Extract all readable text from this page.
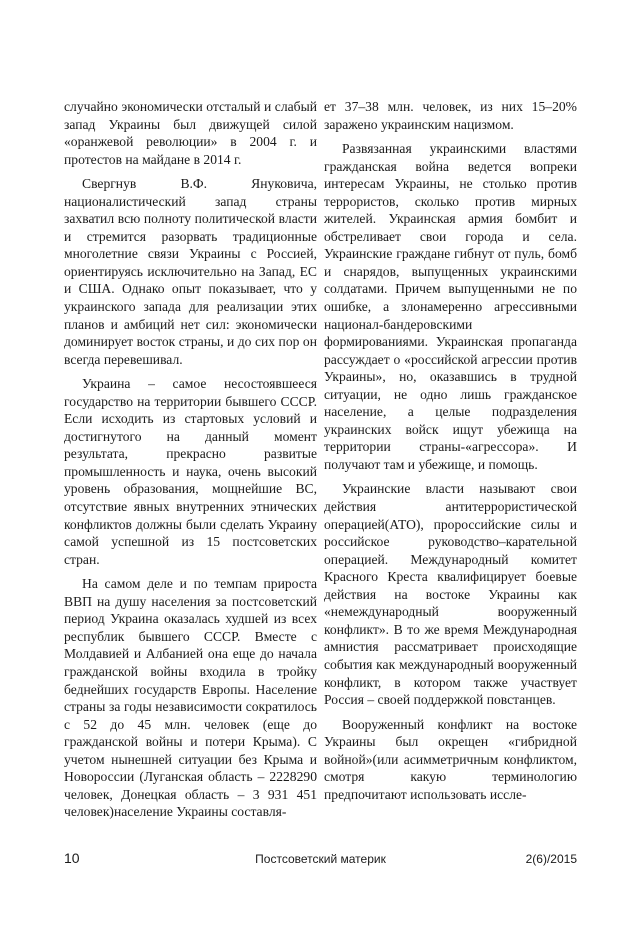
случайно экономически отсталый и слабый запад Украины был движущей силой «оранжевой революции» в 2004 г. и протестов на майдане в 2014 г.

Свергнув В.Ф. Януковича, националистический запад страны захватил всю полноту политической власти и стремится разорвать традиционные многолетние связи Украины с Россией, ориентируясь исключительно на Запад, ЕС и США. Однако опыт показывает, что у украинского запада для реализации этих планов и амбиций нет сил: экономически доминирует восток страны, и до сих пор он всегда перевешивал.

Украина – самое несостоявшееся государство на территории бывшего СССР. Если исходить из стартовых условий и достигнутого на данный момент результата, прекрасно развитые промышленность и наука, очень высокий уровень образования, мощнейшие ВС, отсутствие явных внутренних этнических конфликтов должны были сделать Украину самой успешной из 15 постсоветских стран.

На самом деле и по темпам прироста ВВП на душу населения за постсоветский период Украина оказалась худшей из всех республик бывшего СССР. Вместе с Молдавией и Албанией она еще до начала гражданской войны входила в тройку беднейших государств Европы. Население страны за годы независимости сократилось с 52 до 45 млн. человек (еще до гражданской войны и потери Крыма). С учетом нынешней ситуации без Крыма и Новороссии (Луганская область – 2228290 человек, Донецкая область – 3 931 451 человек)население Украины составля-

ет 37–38 млн. человек, из них 15–20% заражено украинским нацизмом.

Развязанная украинскими властями гражданская война ведется вопреки интересам Украины, не столько против террористов, сколько против мирных жителей. Украинская армия бомбит и обстреливает свои города и села. Украинские граждане гибнут от пуль, бомб и снарядов, выпущенных украинскими солдатами. Причем выпущенными не по ошибке, а злонамеренно агрессивными национал-бандеровскими формированиями. Украинская пропаганда рассуждает о «российской агрессии против Украины», но, оказавшись в трудной ситуации, не одно лишь гражданское население, а целые подразделения украинских войск ищут убежища на территории страны-«агрессора». И получают там и убежище, и помощь.

Украинские власти называют свои действия антитеррористической операцией(АТО), пророссийские силы и российское руководство–карательной операцией. Международный комитет Красного Креста квалифицирует боевые действия на востоке Украины как «немеждународный вооруженный конфликт». В то же время Международная амнистия рассматривает происходящие события как международный вооруженный конфликт, в котором также участвует Россия – своей поддержкой повстанцев.

Вооруженный конфликт на востоке Украины был окрещен «гибридной войной»(или асимметричным конфликтом, смотря какую терминологию предпочитают использовать иссле-

10	Постсоветский материк	2(6)/2015
